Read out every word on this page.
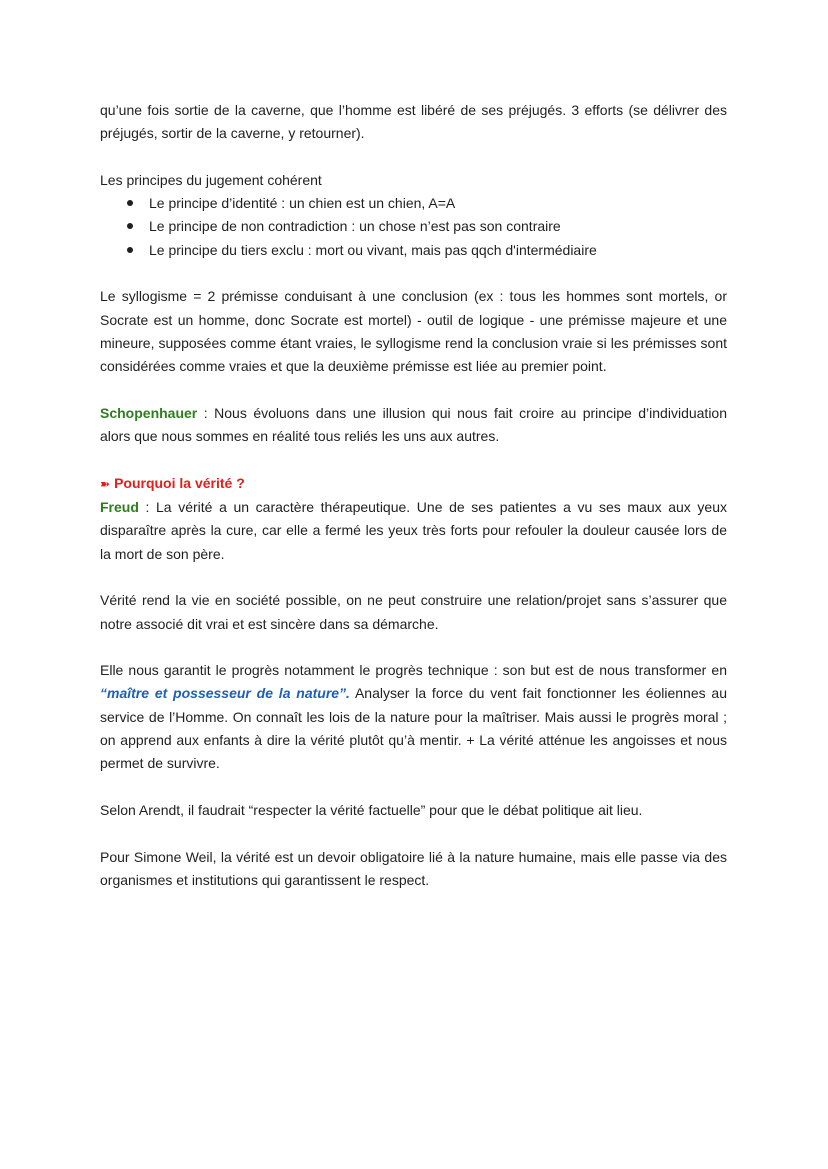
qu’une fois sortie de la caverne, que l’homme est libéré de ses préjugés. 3 efforts (se délivrer des préjugés, sortir de la caverne, y retourner).

Les principes du jugement cohérent

Le principe d’identité : un chien est un chien, A=A
Le principe de non contradiction : un chose n’est pas son contraire
Le principe du tiers exclu : mort ou vivant, mais pas qqch d'intermédiaire

Le syllogisme = 2 prémisse conduisant à une conclusion (ex : tous les hommes sont mortels, or Socrate est un homme, donc Socrate est mortel) - outil de logique - une prémisse majeure et une mineure, supposées comme étant vraies, le syllogisme rend la conclusion vraie si les prémisses sont considérées comme vraies et que la deuxième prémisse est liée au premier point.

Schopenhauer : Nous évoluons dans une illusion qui nous fait croire au principe d’individuation alors que nous sommes en réalité tous reliés les uns aux autres.

➽ Pourquoi la vérité ?

Freud : La vérité a un caractère thérapeutique. Une de ses patientes a vu ses maux aux yeux disparaître après la cure, car elle a fermé les yeux très forts pour refouler la douleur causée lors de la mort de son père.

Vérité rend la vie en société possible, on ne peut construire une relation/projet sans s’assurer que notre associé dit vrai et est sincère dans sa démarche.

Elle nous garantit le progrès notamment le progrès technique : son but est de nous transformer en “maître et possesseur de la nature”. Analyser la force du vent fait fonctionner les éoliennes au service de l’Homme. On connaît les lois de la nature pour la maîtriser. Mais aussi le progrès moral ; on apprend aux enfants à dire la vérité plutôt qu’à mentir. + La vérité atténue les angoisses et nous permet de survivre.

Selon Arendt, il faudrait “respecter la vérité factuelle” pour que le débat politique ait lieu.

Pour Simone Weil, la vérité est un devoir obligatoire lié à la nature humaine, mais elle passe via des organismes et institutions qui garantissent le respect.
